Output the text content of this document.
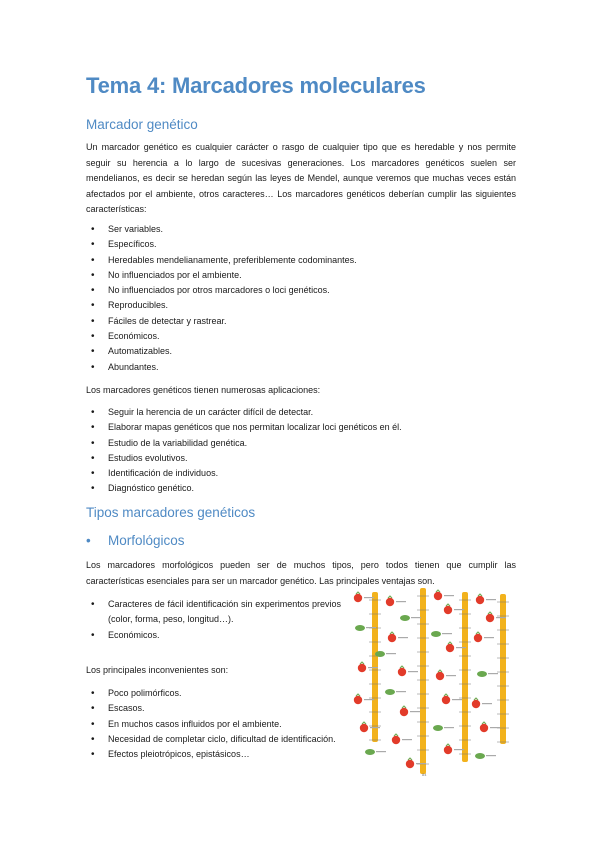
Tema 4: Marcadores moleculares
Marcador genético

Un marcador genético es cualquier carácter o rasgo de cualquier tipo que es heredable y nos permite seguir su herencia a lo largo de sucesivas generaciones. Los marcadores genéticos suelen ser mendelianos, es decir se heredan según las leyes de Mendel, aunque veremos que muchas veces están afectados por el ambiente, otros caracteres… Los marcadores genéticos deberían cumplir las siguientes características:

• Ser variables.
• Específicos.
• Heredables mendelianamente, preferiblemente codominantes.
• No influenciados por el ambiente.
• No influenciados por otros marcadores o loci genéticos.
• Reproducibles.
• Fáciles de detectar y rastrear.
• Económicos.
• Automatizables.
• Abundantes.

Los marcadores genéticos tienen numerosas aplicaciones:

• Seguir la herencia de un carácter difícil de detectar.
• Elaborar mapas genéticos que nos permitan localizar loci genéticos en él.
• Estudio de la variabilidad genética.
• Estudios evolutivos.
• Identificación de individuos.
• Diagnóstico genético.
Tipos marcadores genéticos
• Morfológicos

Los marcadores morfológicos pueden ser de muchos tipos, pero todos tienen que cumplir las características esenciales para ser un marcador genético. Las principales ventajas son.

• Caracteres de fácil identificación sin experimentos previos (color, forma, peso, longitud…).
• Económicos.

Los principales inconvenientes son:

• Poco polimórficos.
• Escasos.
• En muchos casos influidos por el ambiente.
• Necesidad de completar ciclo, dificultad de identificación.
• Efectos pleiotrópicos, epistásicos…
84
